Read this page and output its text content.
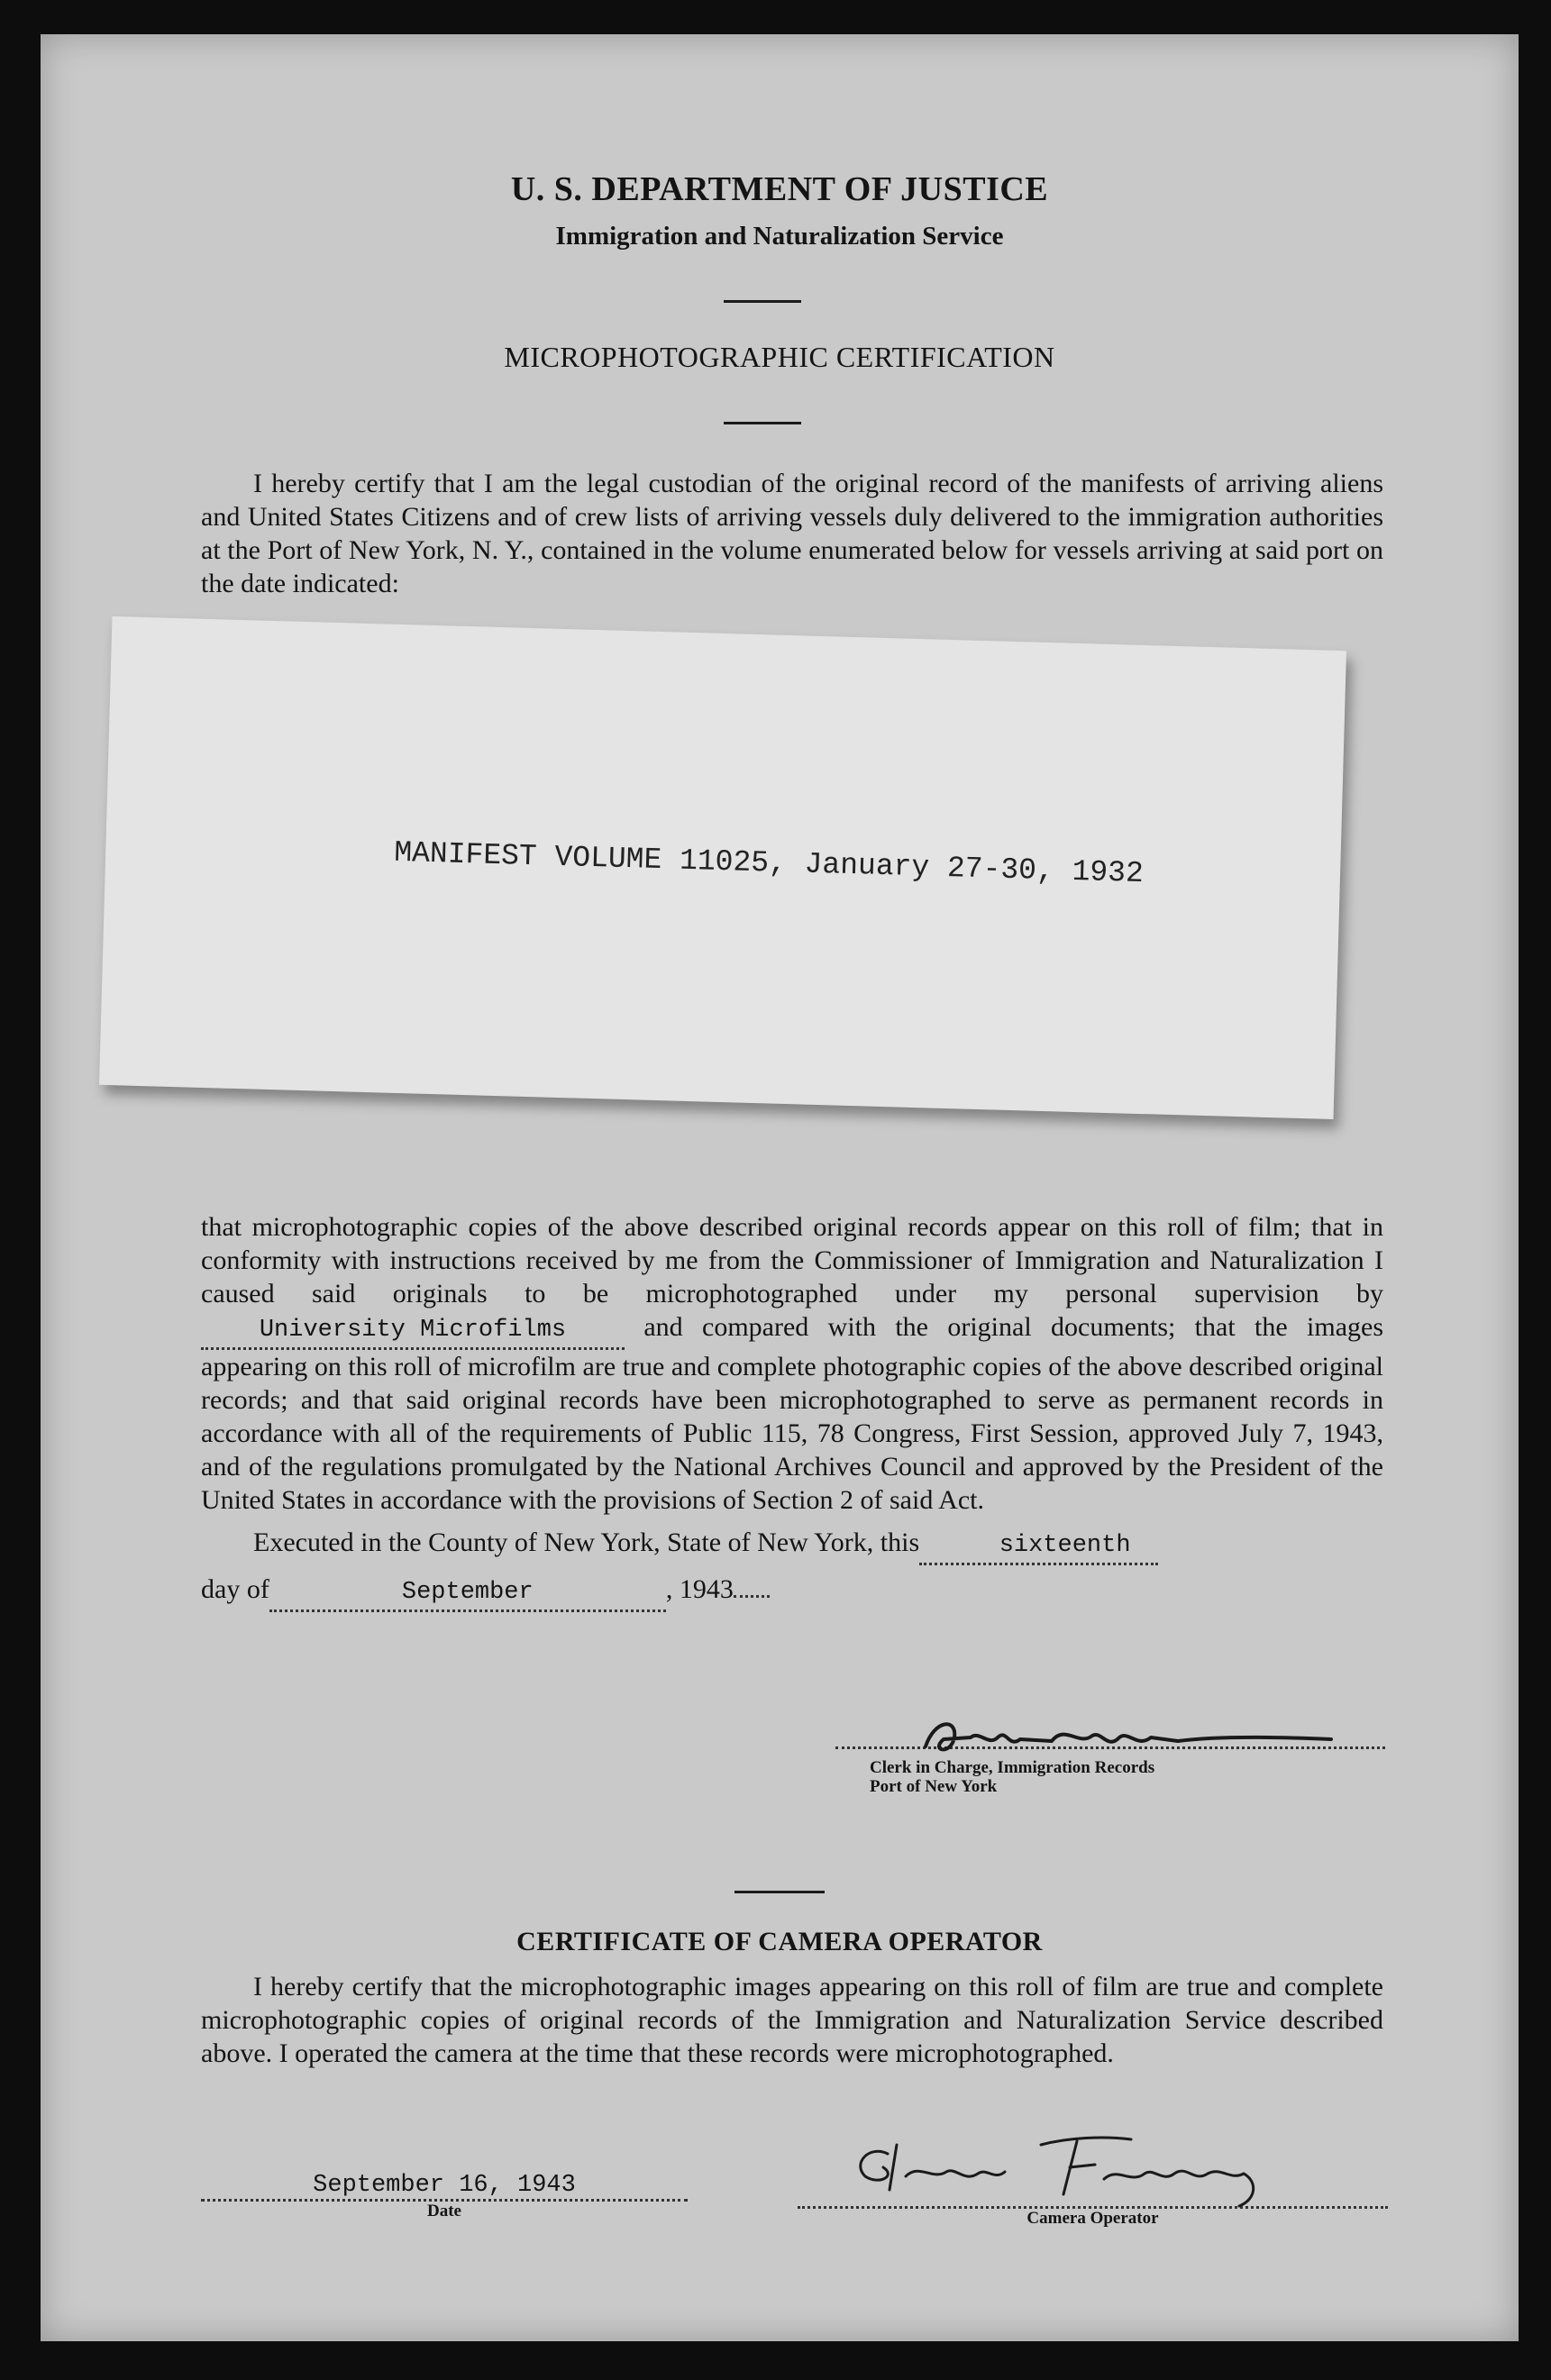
U. S. DEPARTMENT OF JUSTICE
Immigration and Naturalization Service
MICROPHOTOGRAPHIC CERTIFICATION
I hereby certify that I am the legal custodian of the original record of the manifests of arriving aliens and United States Citizens and of crew lists of arriving vessels duly delivered to the immigration authorities at the Port of New York, N. Y., contained in the volume enumerated below for vessels arriving at said port on the date indicated:
MANIFEST VOLUME 11025, January 27-30, 1932
that microphotographic copies of the above described original records appear on this roll of film; that in conformity with instructions received by me from the Commissioner of Immigration and Naturalization I caused said originals to be microphotographed under my personal supervision by University Microfilms	and compared with the original documents; that the images appearing on this roll of microfilm are true and complete photographic copies of the above described original records; and that said original records have been microphotographed to serve as permanent records in accordance with all of the requirements of Public 115, 78 Congress, First Session, approved July 7, 1943, and of the regulations promulgated by the National Archives Council and approved by the President of the United States in accordance with the provisions of Section 2 of said Act.
Executed in the County of New York, State of New York, this	sixteenth
day of	September	, 1943
Clerk in Charge, Immigration Records
Port of New York
CERTIFICATE OF CAMERA OPERATOR
I hereby certify that the microphotographic images appearing on this roll of film are true and complete microphotographic copies of original records of the Immigration and Naturalization Service described above. I operated the camera at the time that these records were microphotographed.
September 16, 1943
Date	Camera Operator
